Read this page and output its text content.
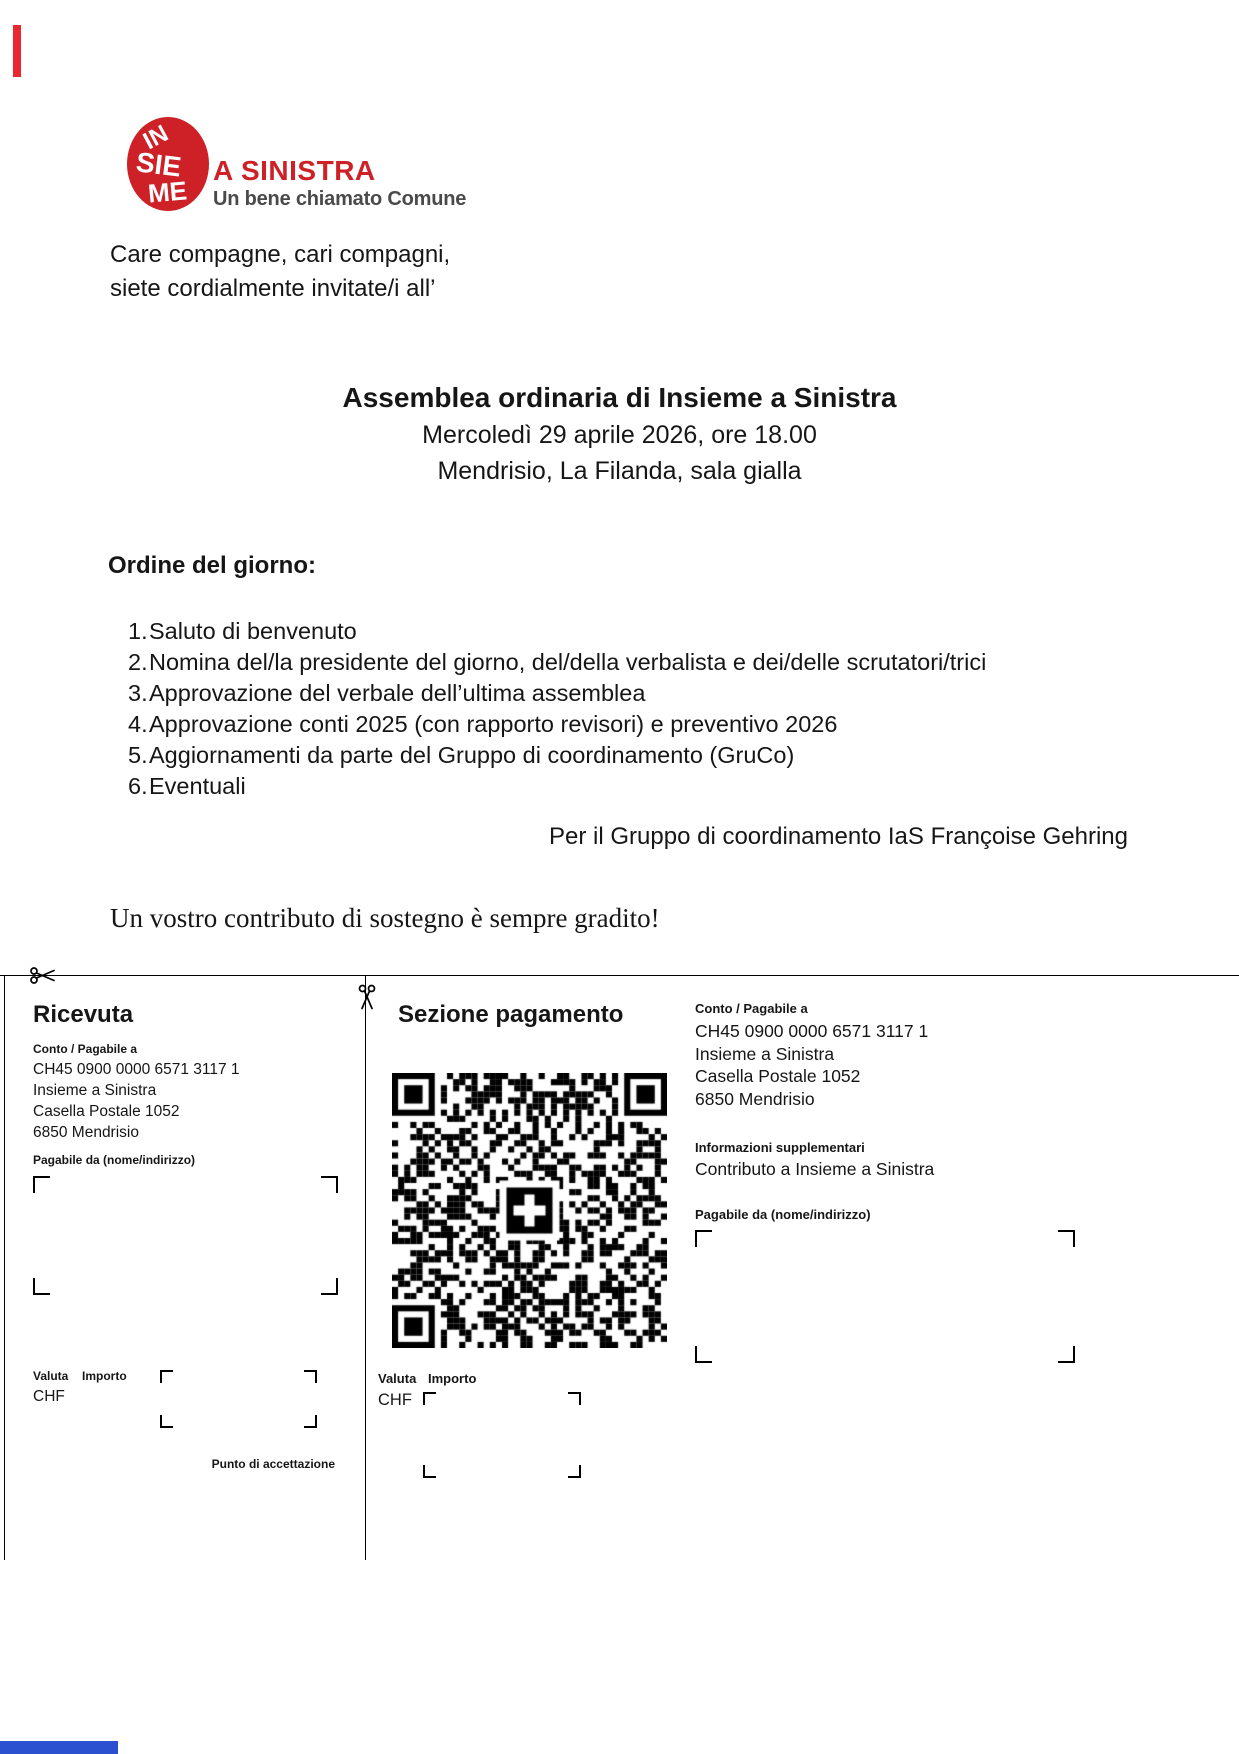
IN
SIE
ME
A SINISTRA
Un bene chiamato Comune
Care compagne, cari compagni,
siete cordialmente invitate/i all’
Assemblea ordinaria di Insieme a Sinistra
Mercoledì 29 aprile 2026, ore 18.00
Mendrisio, La Filanda, sala gialla
Ordine del giorno:
1.Saluto di benvenuto
2.Nomina del/la presidente del giorno, del/della verbalista e dei/delle scrutatori/trici
3.Approvazione del verbale dell’ultima assemblea
4.Approvazione conti 2025 (con rapporto revisori) e preventivo 2026
5.Aggiornamenti da parte del Gruppo di coordinamento (GruCo)
6.Eventuali
Per il Gruppo di coordinamento IaS Françoise Gehring
Un vostro contributo di sostegno è sempre gradito!
Ricevuta
Conto / Pagabile a
CH45 0900 0000 6571 3117 1
Insieme a Sinistra
Casella Postale 1052
6850 Mendrisio
Pagabile da (nome/indirizzo)
Valuta Importo
CHF
Punto di accettazione
Sezione pagamento
Valuta Importo
CHF
Conto / Pagabile a
CH45 0900 0000 6571 3117 1
Insieme a Sinistra
Casella Postale 1052
6850 Mendrisio
Informazioni supplementari
Contributo a Insieme a Sinistra
Pagabile da (nome/indirizzo)
